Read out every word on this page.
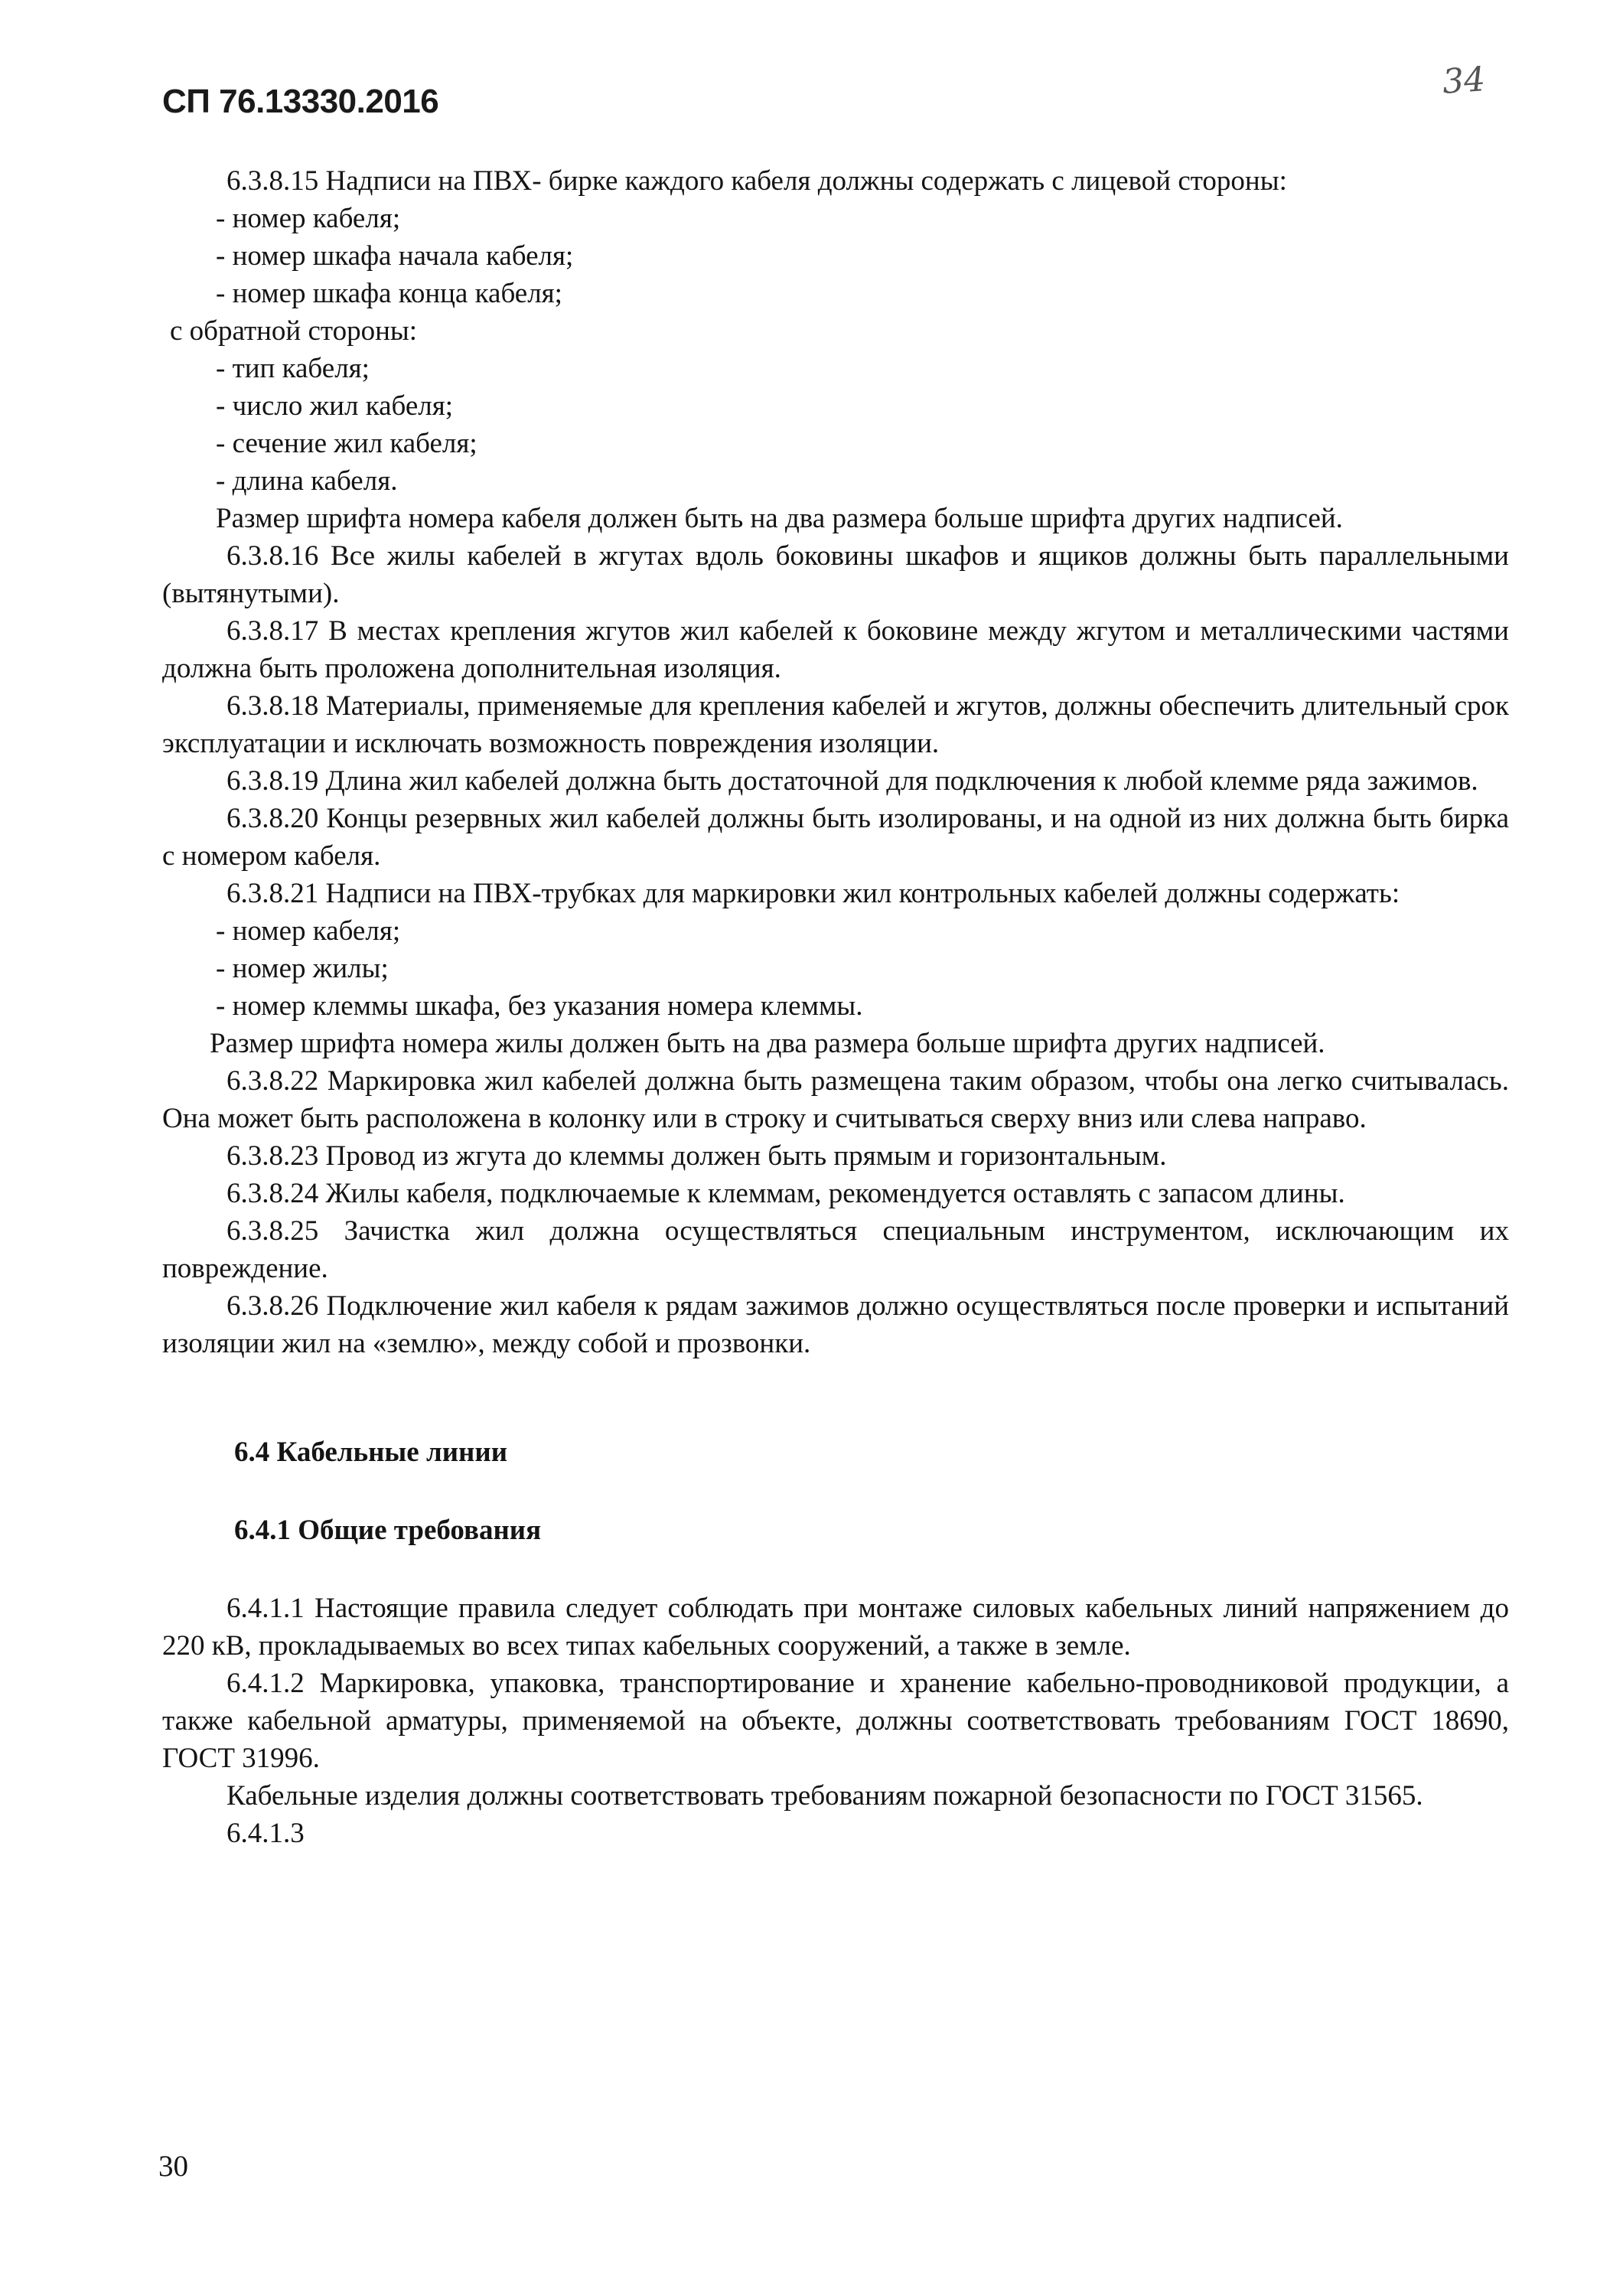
СП 76.13330.2016	34

6.3.8.15 Надписи на ПВХ- бирке каждого кабеля должны содержать с лицевой стороны:

- номер кабеля;

- номер шкафа начала кабеля;

- номер шкафа конца кабеля;

с обратной стороны:

- тип кабеля;

- число жил кабеля;

- сечение жил кабеля;

- длина кабеля.

Размер шрифта номера кабеля должен быть на два размера больше шрифта других надписей.

6.3.8.16 Все жилы кабелей в жгутах вдоль боковины шкафов и ящиков должны быть параллельными (вытянутыми).

6.3.8.17 В местах крепления жгутов жил кабелей к боковине между жгутом и металлическими частями должна быть проложена дополнительная изоляция.

6.3.8.18 Материалы, применяемые для крепления кабелей и жгутов, должны обеспечить длительный срок эксплуатации и исключать возможность повреждения изоляции.

6.3.8.19 Длина жил кабелей должна быть достаточной для подключения к любой клемме ряда зажимов.

6.3.8.20 Концы резервных жил кабелей должны быть изолированы, и на одной из них должна быть бирка с номером кабеля.

6.3.8.21 Надписи на ПВХ-трубках для маркировки жил контрольных кабелей должны содержать:

- номер кабеля;

- номер жилы;

- номер клеммы шкафа, без указания номера клеммы.

Размер шрифта номера жилы должен быть на два размера больше шрифта других надписей.

6.3.8.22 Маркировка жил кабелей должна быть размещена таким образом, чтобы она легко считывалась. Она может быть расположена в колонку или в строку и считываться сверху вниз или слева направо.

6.3.8.23 Провод из жгута до клеммы должен быть прямым и горизонтальным.

6.3.8.24 Жилы кабеля, подключаемые к клеммам, рекомендуется оставлять с запасом длины.

6.3.8.25 Зачистка жил должна осуществляться специальным инструментом, исключающим их повреждение.

6.3.8.26 Подключение жил кабеля к рядам зажимов должно осуществляться после проверки и испытаний изоляции жил на «землю», между собой и прозвонки.

6.4 Кабельные линии

6.4.1 Общие требования

6.4.1.1 Настоящие правила следует соблюдать при монтаже силовых кабельных линий напряжением до 220 кВ, прокладываемых во всех типах кабельных сооружений, а также в земле.

6.4.1.2 Маркировка, упаковка, транспортирование и хранение кабельно-проводниковой продукции, а также кабельной арматуры, применяемой на объекте, должны соответствовать требованиям ГОСТ 18690, ГОСТ 31996.

Кабельные изделия должны соответствовать требованиям пожарной безопасности по ГОСТ 31565.

6.4.1.3

30
